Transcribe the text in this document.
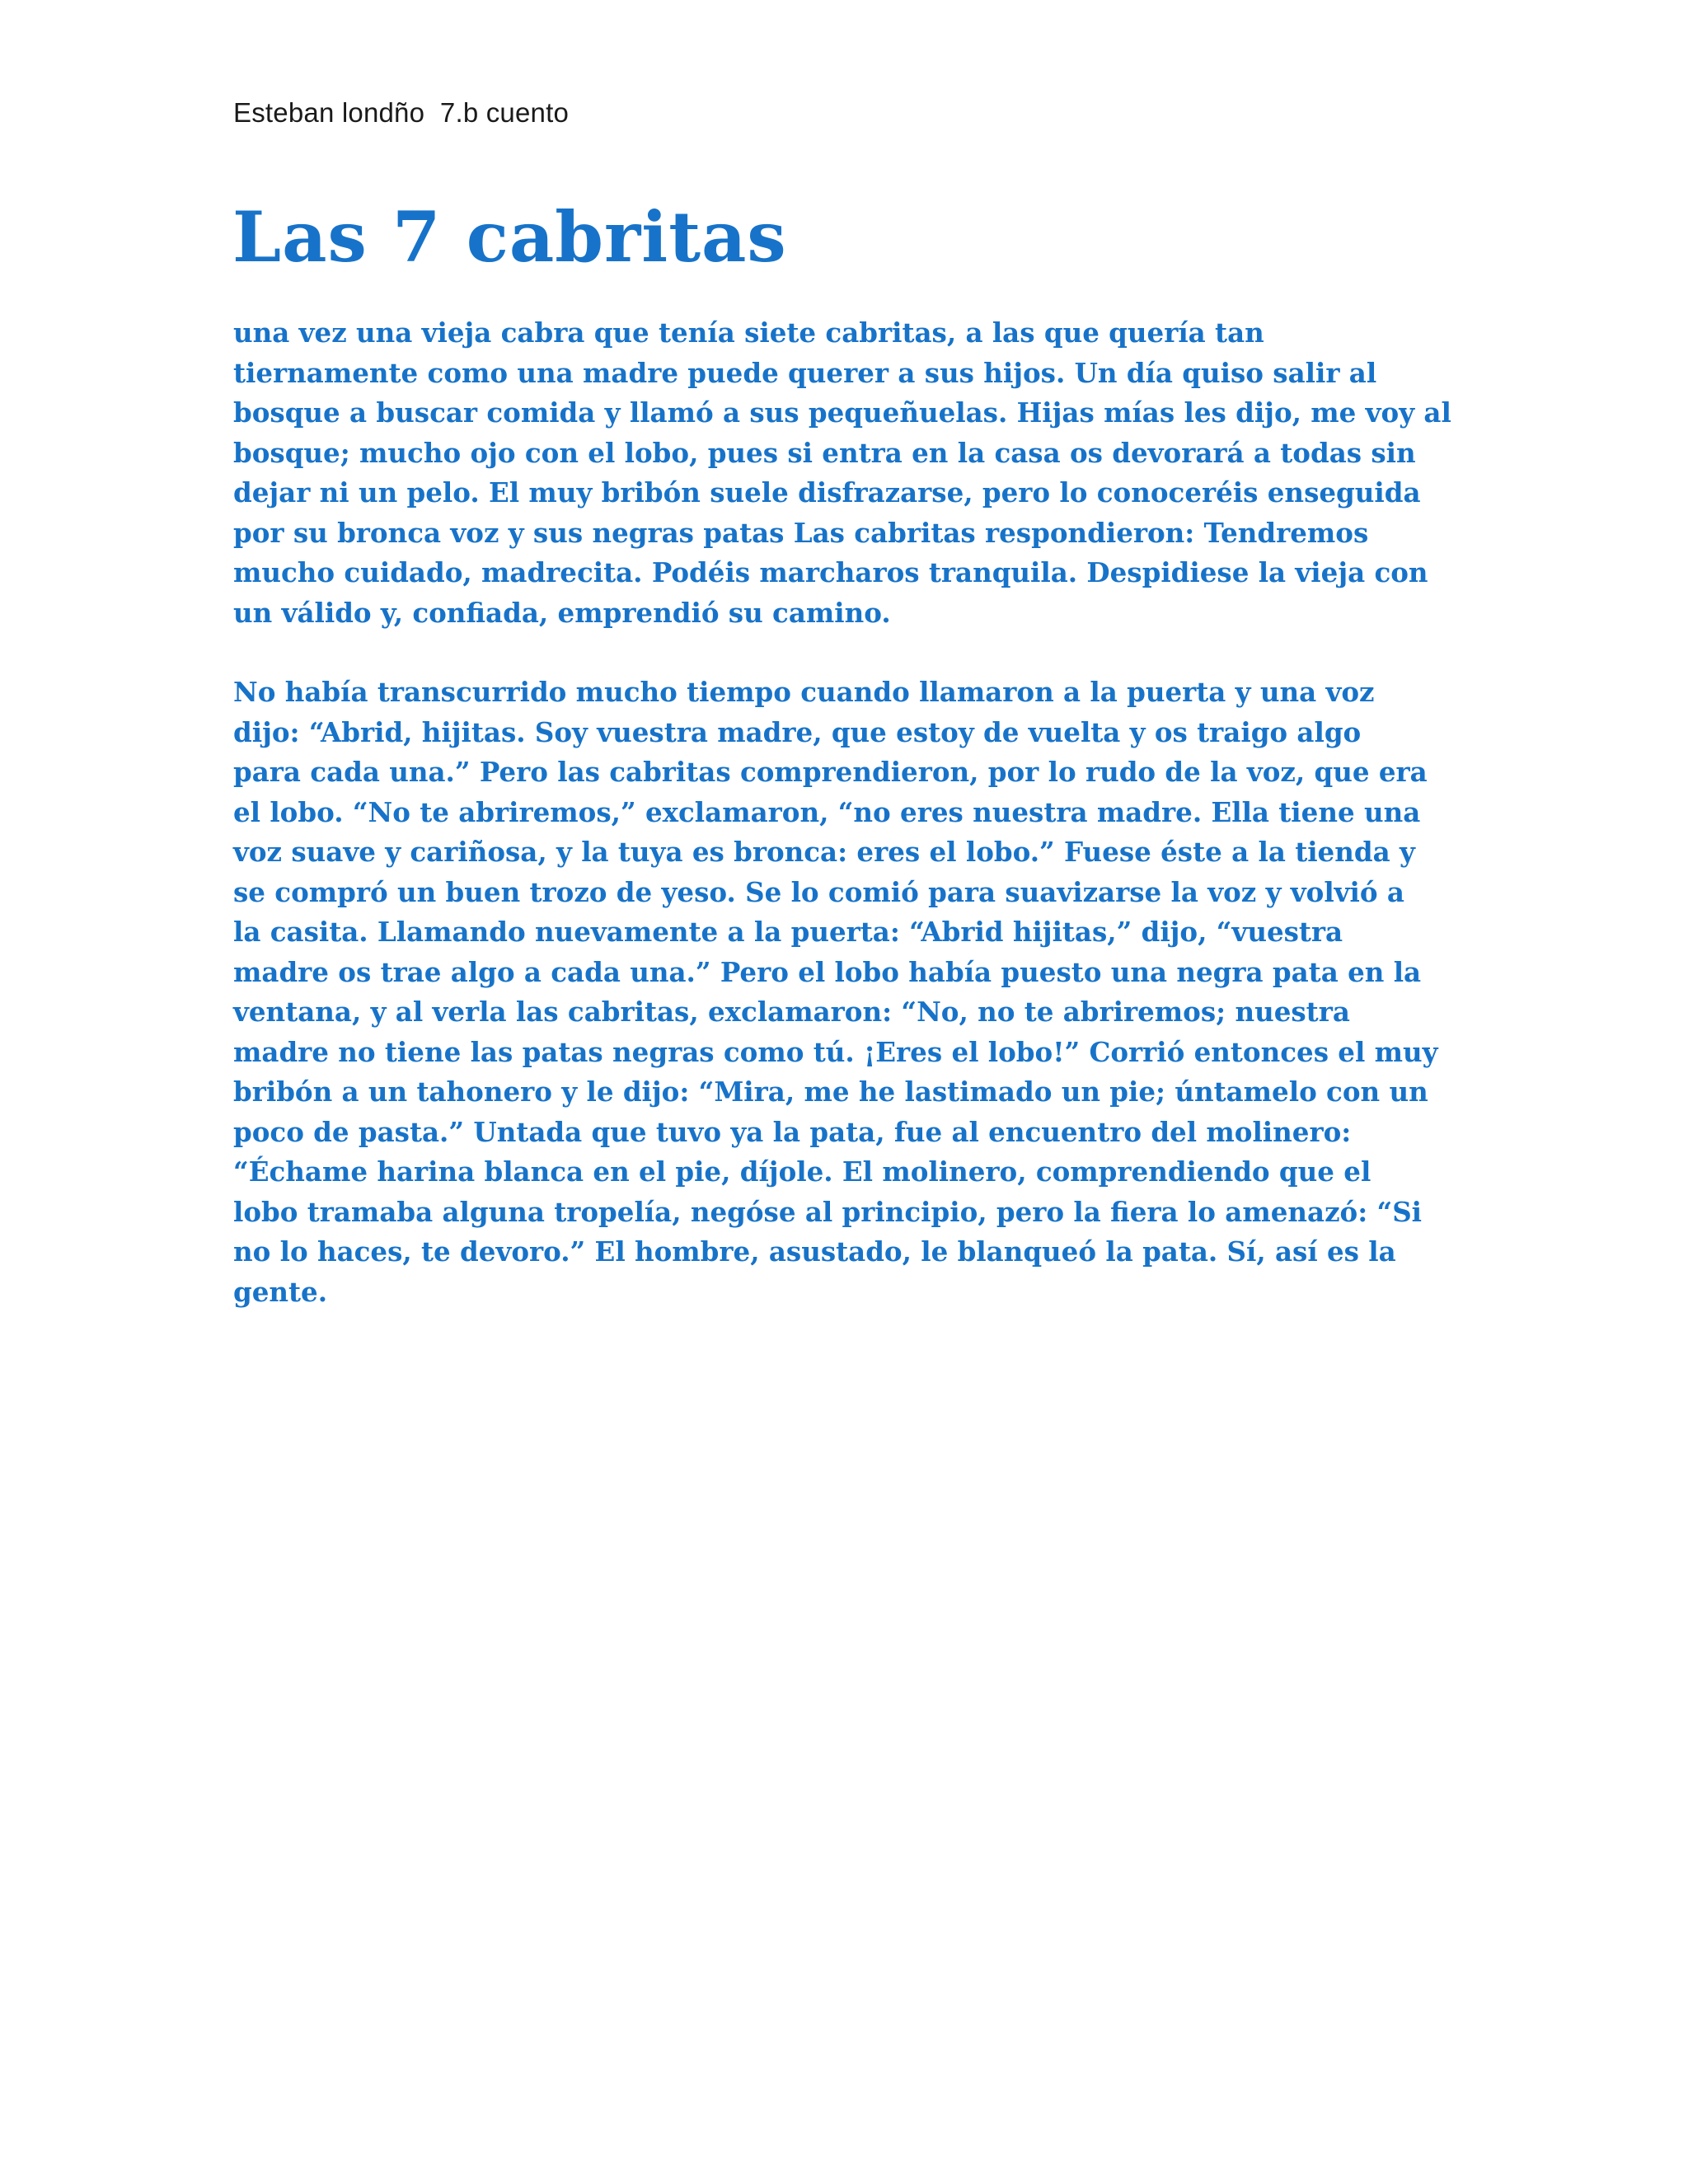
Esteban londño  7.b cuento
Las 7 cabritas

una vez una vieja cabra que tenía siete cabritas, a las que quería tan
tiernamente como una madre puede querer a sus hijos. Un día quiso salir al
bosque a buscar comida y llamó a sus pequeñuelas. Hijas mías les dijo, me voy al
bosque; mucho ojo con el lobo, pues si entra en la casa os devorará a todas sin
dejar ni un pelo. El muy bribón suele disfrazarse, pero lo conoceréis enseguida
por su bronca voz y sus negras patas Las cabritas respondieron: Tendremos
mucho cuidado, madrecita. Podéis marcharos tranquila. Despidiese la vieja con
un válido y, confiada, emprendió su camino.

No había transcurrido mucho tiempo cuando llamaron a la puerta y una voz
dijo: “Abrid, hijitas. Soy vuestra madre, que estoy de vuelta y os traigo algo
para cada una.” Pero las cabritas comprendieron, por lo rudo de la voz, que era
el lobo. “No te abriremos,” exclamaron, “no eres nuestra madre. Ella tiene una
voz suave y cariñosa, y la tuya es bronca: eres el lobo.” Fuese éste a la tienda y
se compró un buen trozo de yeso. Se lo comió para suavizarse la voz y volvió a
la casita. Llamando nuevamente a la puerta: “Abrid hijitas,” dijo, “vuestra
madre os trae algo a cada una.” Pero el lobo había puesto una negra pata en la
ventana, y al verla las cabritas, exclamaron: “No, no te abriremos; nuestra
madre no tiene las patas negras como tú. ¡Eres el lobo!” Corrió entonces el muy
bribón a un tahonero y le dijo: “Mira, me he lastimado un pie; úntamelo con un
poco de pasta.” Untada que tuvo ya la pata, fue al encuentro del molinero:
“Échame harina blanca en el pie, díjole. El molinero, comprendiendo que el
lobo tramaba alguna tropelía, negóse al principio, pero la fiera lo amenazó: “Si
no lo haces, te devoro.” El hombre, asustado, le blanqueó la pata. Sí, así es la
gente.
